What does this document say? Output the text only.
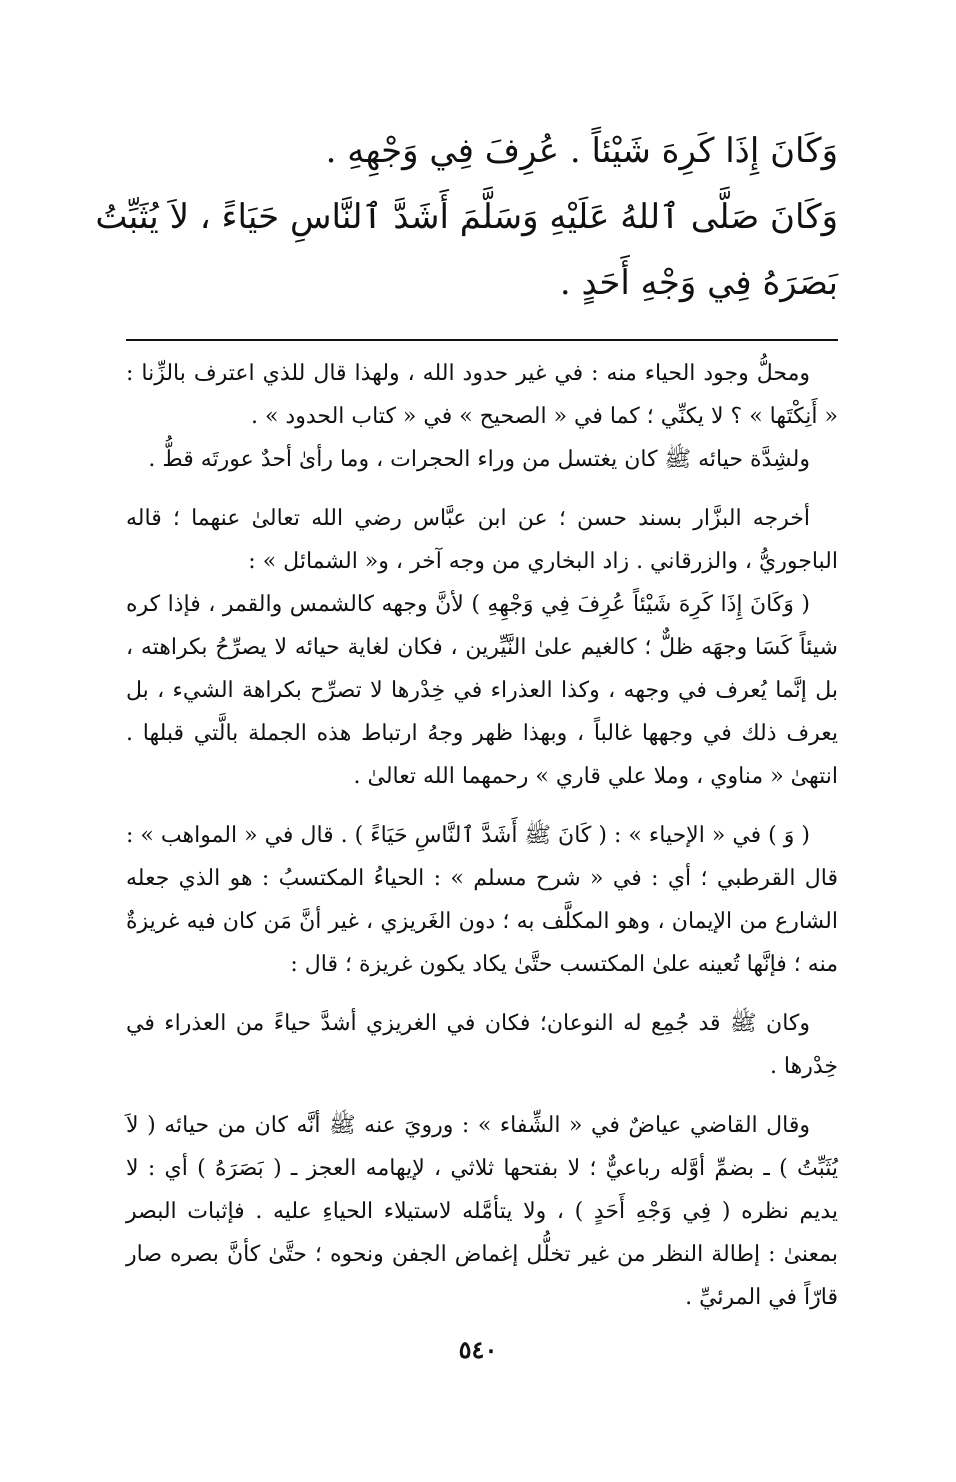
وَكَانَ إِذَا كَرِهَ شَيْئاً . عُرِفَ فِي وَجْهِهِ .

وَكَانَ صَلَّى ٱللهُ عَلَيْهِ وَسَلَّمَ أَشَدَّ ٱلنَّاسِ حَيَاءً ، لاَ يُثَبِّتُ بَصَرَهُ فِي وَجْهِ أَحَدٍ .

ومحلُّ وجود الحياء منه : في غير حدود الله ، ولهذا قال للذي اعترف بالزِّنا : « أَنِكْتَها » ؟ لا يكنِّي ؛ كما في « الصحيح » في « كتاب الحدود » .

ولشِدَّة حيائه ﷺ كان يغتسل من وراء الحجرات ، وما رأىٰ أحدٌ عورتَه قطُّ .

أخرجه البزَّار بسند حسن ؛ عن ابن عبَّاس رضي الله تعالىٰ عنهما ؛ قاله الباجوريُّ ، والزرقاني . زاد البخاري من وجه آخر ، و« الشمائل » :

( وَكَانَ إِذَا كَرِهَ شَيْئاً عُرِفَ فِي وَجْهِهِ ) لأنَّ وجهه كالشمس والقمر ، فإذا كره شيئاً كَسَا وجهَه ظلٌّ ؛ كالغيم علىٰ النَّيِّرين ، فكان لغاية حيائه لا يصرِّحُ بكراهته ، بل إنَّما يُعرف في وجهه ، وكذا العذراء في خِدْرها لا تصرِّح بكراهة الشيء ، بل يعرف ذلك في وجهها غالباً ، وبهذا ظهر وجهُ ارتباط هذه الجملة بالَّتي قبلها . انتهىٰ « مناوي ، وملا علي قاري » رحمهما الله تعالىٰ .

( وَ ) في « الإحياء » : ( كَانَ ﷺ أَشَدَّ ٱلنَّاسِ حَيَاءً ) . قال في « المواهب » : قال القرطبي ؛ أي : في « شرح مسلم » : الحياءُ المكتسبُ : هو الذي جعله الشارع من الإيمان ، وهو المكلَّف به ؛ دون الغَريزي ، غير أنَّ مَن كان فيه غريزةٌ منه ؛ فإنَّها تُعينه علىٰ المكتسب حتَّىٰ يكاد يكون غريزة ؛ قال :

وكان ﷺ قد جُمِع له النوعان؛ فكان في الغريزي أشدَّ حياءً من العذراء في خِدْرها .

وقال القاضي عياضٌ في « الشِّفاء » : ورويَ عنه ﷺ أنَّه كان من حيائه ( لاَ يُثَبِّتُ ) ـ بضمِّ أوَّله رباعيٌّ ؛ لا بفتحها ثلاثي ، لإيهامه العجز ـ ( بَصَرَهُ ) أي : لا يديم نظره ( فِي وَجْهِ أَحَدٍ ) ، ولا يتأمَّله لاستيلاء الحياءِ عليه . فإثبات البصر بمعنىٰ : إطالة النظر من غير تخلُّل إغماض الجفن ونحوه ؛ حتَّىٰ كأنَّ بصره صار قارّاً في المرئيِّ .

٥٤٠
